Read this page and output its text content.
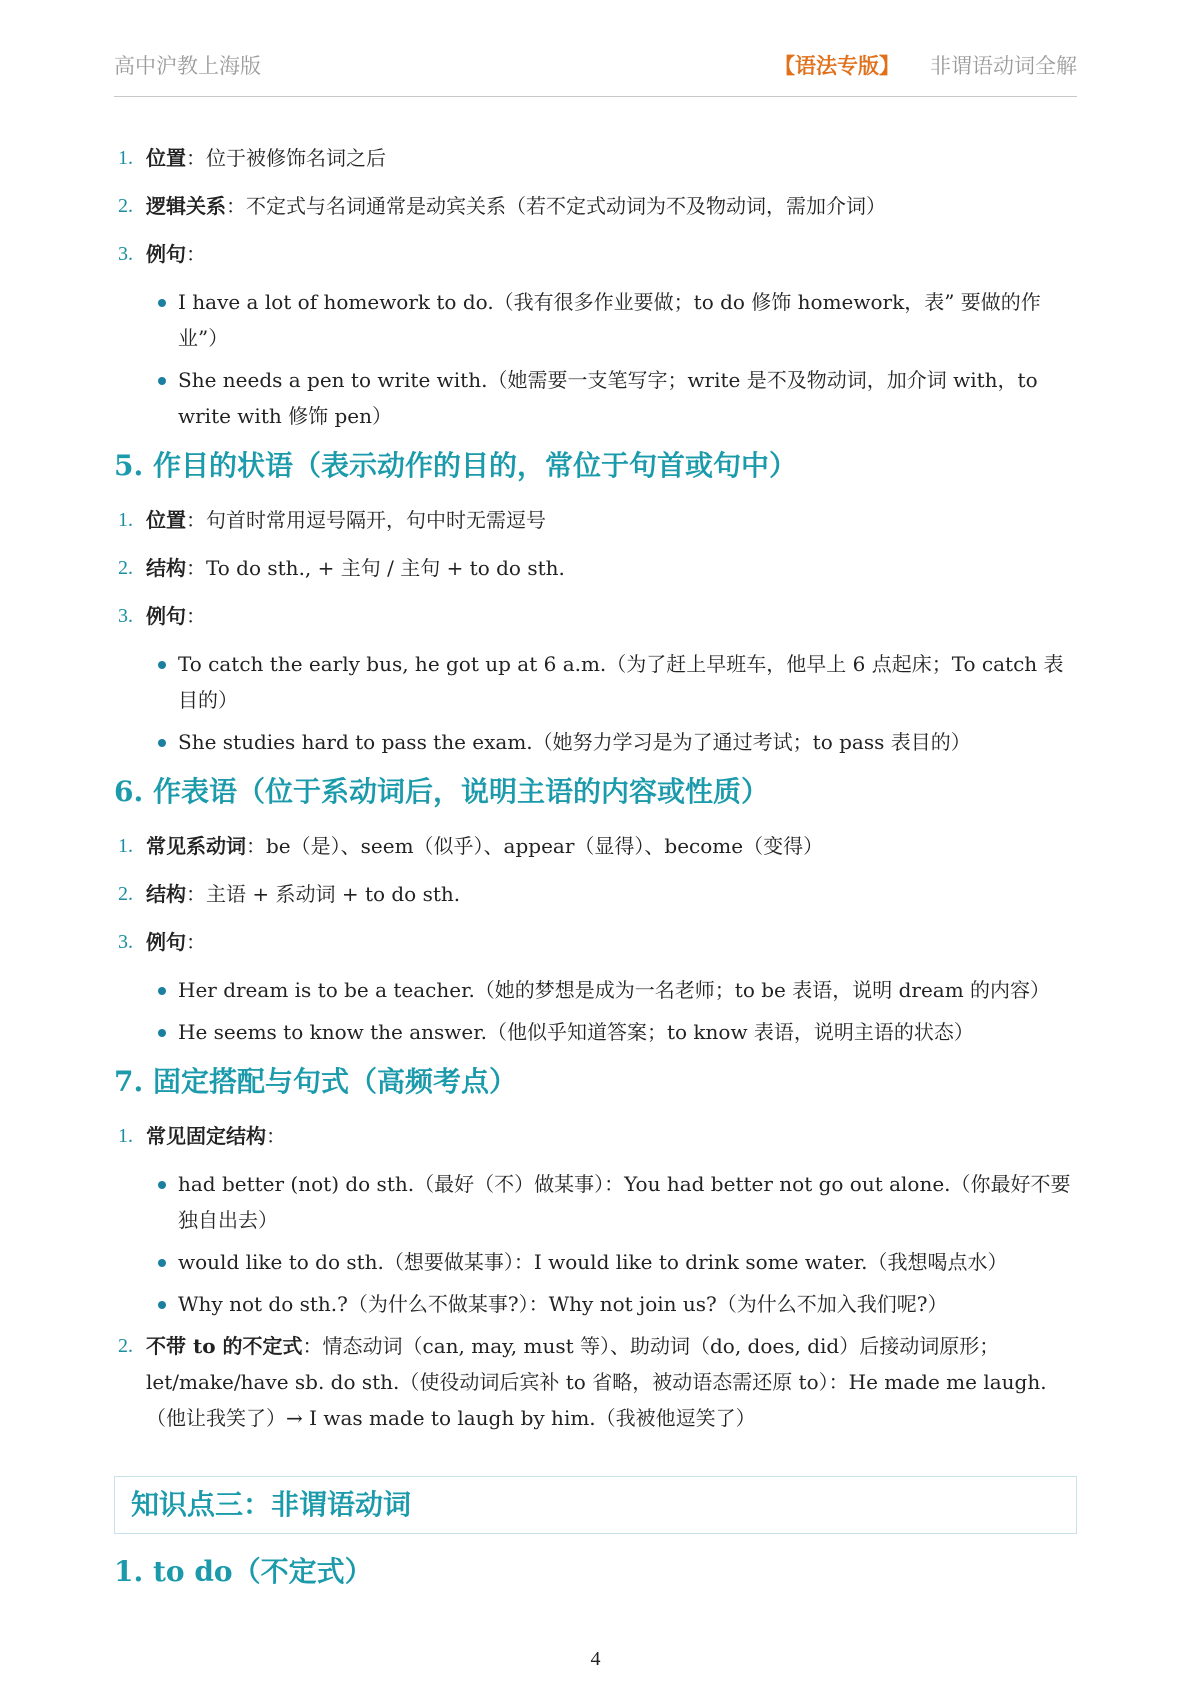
高中沪教上海版	【语法专版】 非谓语动词全解
1. 位置：位于被修饰名词之后
2. 逻辑关系：不定式与名词通常是动宾关系（若不定式动词为不及物动词，需加介词）
3. 例句：
I have a lot of homework to do.（我有很多作业要做；to do 修饰 homework，表” 要做的作业”）
She needs a pen to write with.（她需要一支笔写字；write 是不及物动词，加介词 with，to write with 修饰 pen）
5. 作目的状语（表示动作的目的，常位于句首或句中）
1. 位置：句首时常用逗号隔开，句中时无需逗号
2. 结构：To do sth., + 主句 / 主句 + to do sth.
3. 例句：
To catch the early bus, he got up at 6 a.m.（为了赶上早班车，他早上 6 点起床；To catch 表目的）
She studies hard to pass the exam.（她努力学习是为了通过考试；to pass 表目的）
6. 作表语（位于系动词后，说明主语的内容或性质）
1. 常见系动词：be（是）、seem（似乎）、appear（显得）、become（变得）
2. 结构：主语 + 系动词 + to do sth.
3. 例句：
Her dream is to be a teacher.（她的梦想是成为一名老师；to be 表语，说明 dream 的内容）
He seems to know the answer.（他似乎知道答案；to know 表语，说明主语的状态）
7. 固定搭配与句式（高频考点）
1. 常见固定结构：
had better (not) do sth.（最好（不）做某事）：You had better not go out alone.（你最好不要独自出去）
would like to do sth.（想要做某事）：I would like to drink some water.（我想喝点水）
Why not do sth.?（为什么不做某事?）：Why not join us?（为什么不加入我们呢?）
2. 不带 to 的不定式：情态动词（can, may, must 等）、助动词（do, does, did）后接动词原形；let/make/have sb. do sth.（使役动词后宾补 to 省略，被动语态需还原 to）：He made me laugh.（他让我笑了）→ I was made to laugh by him.（我被他逗笑了）
知识点三：非谓语动词
1. to do（不定式）
4
